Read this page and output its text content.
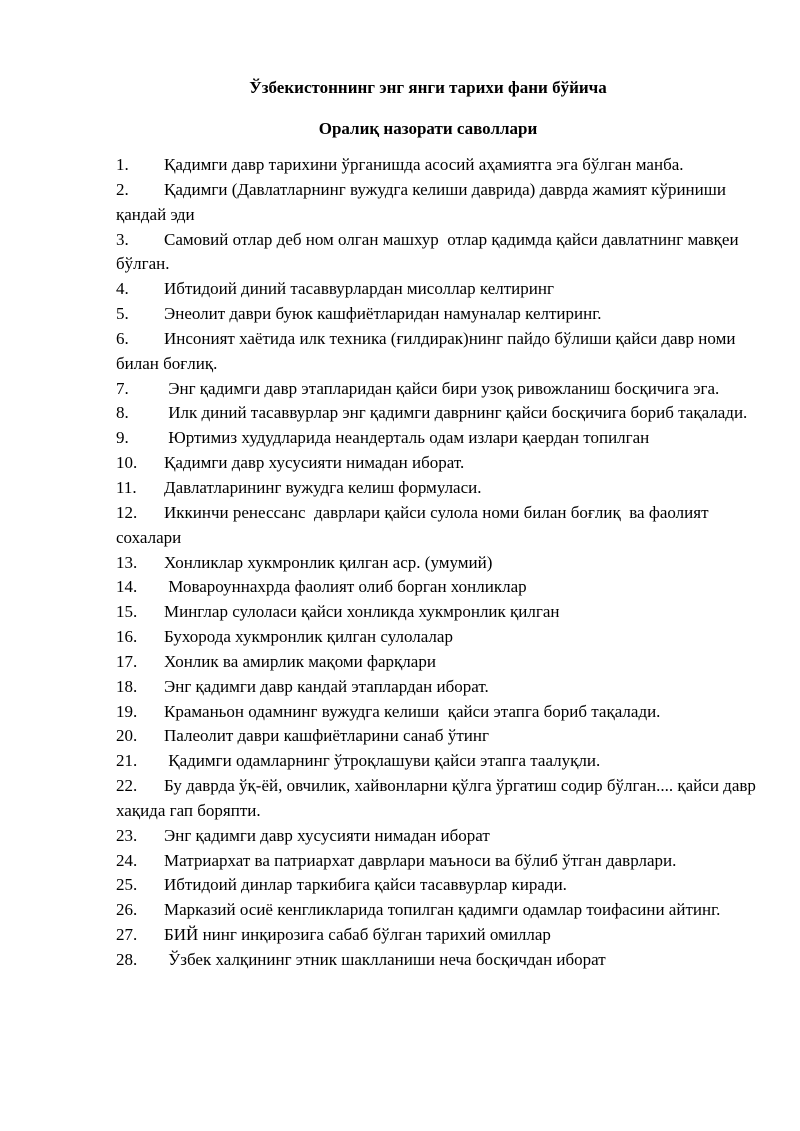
Ўзбекистоннинг энг янги тарихи фани бўйича
Оралиқ назорати саволлари
1. Қадимги давр тарихини ўрганишда асосий аҳамиятга эга бўлган манба.
2. Қадимги (Давлатларнинг вужудга келиши даврида) даврда жамият кўриниши қандай эди
3. Самовий отлар деб ном олган машхур  отлар қадимда қайси давлатнинг мавқеи бўлган.
4. Ибтидоий диний тасаввурлардан мисоллар келтиринг
5. Энеолит даври буюк кашфиётларидан намуналар келтиринг.
6. Инсоният хаётида илк техника (ғилдирак)нинг пайдо бўлиши қайси давр номи билан боғлиқ.
7. Энг қадимги давр этапларидан қайси бири узоқ ривожланиш босқичига эга.
8. Илк диний тасаввурлар энг қадимги даврнинг қайси босқичига бориб тақалади.
9. Юртимиз худудларида неандерталь одам излари қаердан топилган
10. Қадимги давр хусусияти нимадан иборат.
11. Давлатларининг вужудга келиш формуласи.
12. Иккинчи ренессанс  даврлари қайси сулола номи билан боғлиқ  ва фаолият  сохалари
13. Хонликлар хукмронлик қилган аср. (умумий)
14. Мовароуннахрда фаолият олиб борган хонликлар
15. Минглар сулоласи қайси хонликда хукмронлик қилган
16. Бухорода хукмронлик қилган сулолалар
17. Хонлик ва амирлик мақоми фарқлари
18. Энг қадимги давр кандай этаплардан иборат.
19. Краманьон одамнинг вужудга келиши  қайси этапга бориб тақалади.
20. Палеолит даври кашфиётларини санаб ўтинг
21. Қадимги одамларнинг ўтроқлашуви қайси этапга таалуқли.
22. Бу даврда ўқ-ёй, овчилик, хайвонларни қўлга ўргатиш содир бўлган.... қайси давр хақида гап боряпти.
23. Энг қадимги давр хусусияти нимадан иборат
24. Матриархат ва патриархат даврлари маъноси ва бўлиб ўтган даврлари.
25. Ибтидоий динлар таркибига қайси тасаввурлар киради.
26. Марказий осиё кенгликларида топилган қадимги одамлар тоифасини айтинг.
27. БИЙ нинг инқирозига сабаб бўлган тарихий омиллар
28. Ўзбек халқининг этник шаклланиши неча босқичдан иборат
